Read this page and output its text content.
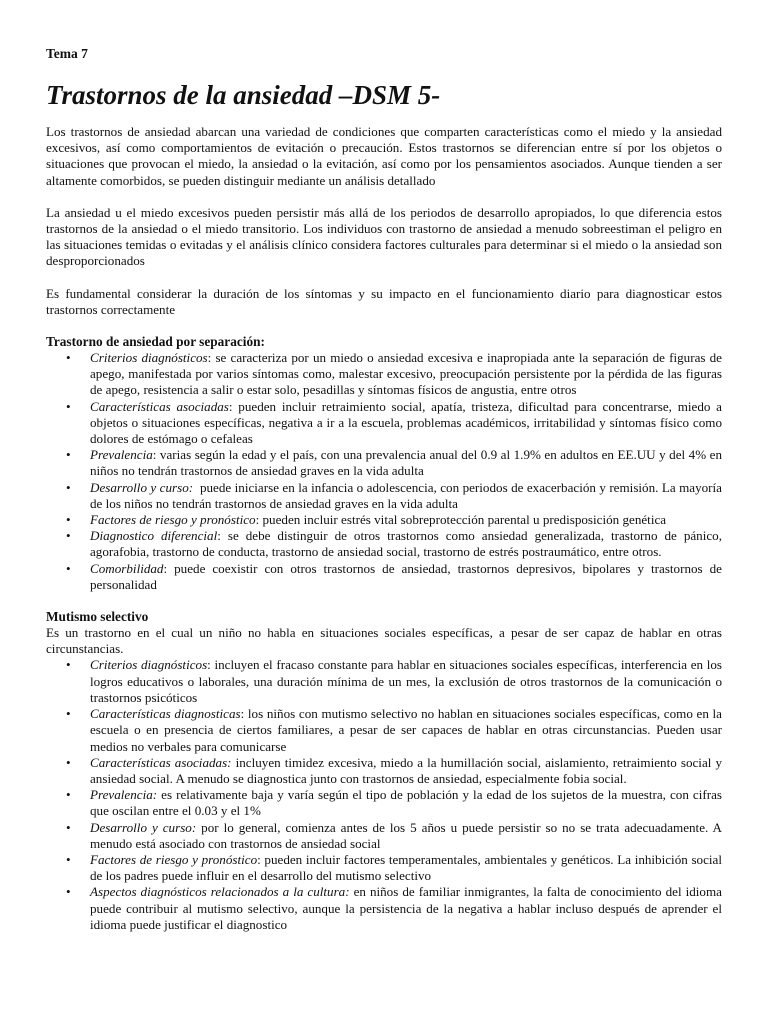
Tema 7

Trastornos de la ansiedad –DSM 5-

Los trastornos de ansiedad abarcan una variedad de condiciones que comparten características como el miedo y la ansiedad excesivos, así como comportamientos de evitación o precaución. Estos trastornos se diferencian entre sí por los objetos o situaciones que provocan el miedo, la ansiedad o la evitación, así como por los pensamientos asociados. Aunque tienden a ser altamente comorbidos, se pueden distinguir mediante un análisis detallado

La ansiedad u el miedo excesivos pueden persistir más allá de los periodos de desarrollo apropiados, lo que diferencia estos trastornos de la ansiedad o el miedo transitorio. Los individuos con trastorno de ansiedad a menudo sobreestiman el peligro en las situaciones temidas o evitadas y el análisis clínico considera factores culturales para determinar si el miedo o la ansiedad son desproporcionados

Es fundamental considerar la duración de los síntomas y su impacto en el funcionamiento diario para diagnosticar estos trastornos correctamente

Trastorno de ansiedad por separación:
• Criterios diagnósticos: se caracteriza por un miedo o ansiedad excesiva e inapropiada ante la separación de figuras de apego, manifestada por varios síntomas como, malestar excesivo, preocupación persistente por la pérdida de las figuras de apego, resistencia a salir o estar solo, pesadillas y síntomas físicos de angustia, entre otros
• Características asociadas: pueden incluir retraimiento social, apatía, tristeza, dificultad para concentrarse, miedo a objetos o situaciones específicas, negativa a ir a la escuela, problemas académicos, irritabilidad y síntomas físico como dolores de estómago o cefaleas
• Prevalencia: varias según la edad y el país, con una prevalencia anual del 0.9 al 1.9% en adultos en EE.UU y del 4% en niños no tendrán trastornos de ansiedad graves en la vida adulta
• Desarrollo y curso:  puede iniciarse en la infancia o adolescencia, con periodos de exacerbación y remisión. La mayoría de los niños no tendrán trastornos de ansiedad graves en la vida adulta
• Factores de riesgo y pronóstico: pueden incluir estrés vital sobreprotección parental u predisposición genética
• Diagnostico diferencial: se debe distinguir de otros trastornos como ansiedad generalizada, trastorno de pánico, agorafobia, trastorno de conducta, trastorno de ansiedad social, trastorno de estrés postraumático, entre otros.
• Comorbilidad: puede coexistir con otros trastornos de ansiedad, trastornos depresivos, bipolares y trastornos de personalidad
Mutismo selectivo

Es un trastorno en el cual un niño no habla en situaciones sociales específicas, a pesar de ser capaz de hablar en otras circunstancias.

• Criterios diagnósticos: incluyen el fracaso constante para hablar en situaciones sociales específicas, interferencia en los logros educativos o laborales, una duración mínima de un mes, la exclusión de otros trastornos de la comunicación o trastornos psicóticos
• Características diagnosticas: los niños con mutismo selectivo no hablan en situaciones sociales específicas, como en la escuela o en presencia de ciertos familiares, a pesar de ser capaces de hablar en otras circunstancias. Pueden usar medios no verbales para comunicarse
• Características asociadas: incluyen timidez excesiva, miedo a la humillación social, aislamiento, retraimiento social y ansiedad social. A menudo se diagnostica junto con trastornos de ansiedad, especialmente fobia social.
• Prevalencia: es relativamente baja y varía según el tipo de población y la edad de los sujetos de la muestra, con cifras que oscilan entre el 0.03 y el 1%
• Desarrollo y curso: por lo general, comienza antes de los 5 años u puede persistir so no se trata adecuadamente. A menudo está asociado con trastornos de ansiedad social
• Factores de riesgo y pronóstico: pueden incluir factores temperamentales, ambientales y genéticos. La inhibición social de los padres puede influir en el desarrollo del mutismo selectivo
• Aspectos diagnósticos relacionados a la cultura: en niños de familiar inmigrantes, la falta de conocimiento del idioma puede contribuir al mutismo selectivo, aunque la persistencia de la negativa a hablar incluso después de aprender el idioma puede justificar el diagnostico
